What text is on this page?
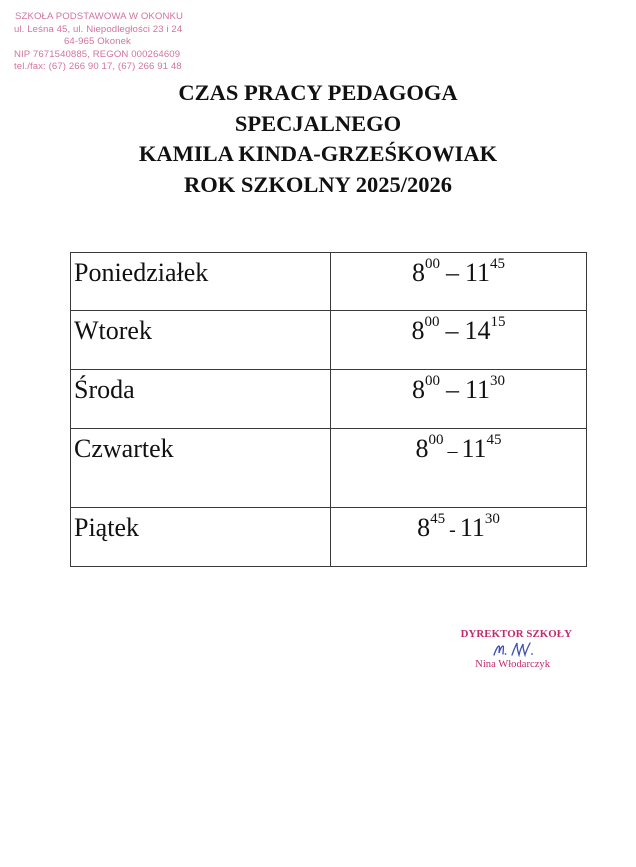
SZKOŁA PODSTAWOWA W OKONKU
ul. Leśna 45, ul. Niepodległości 23 i 24
64-965 Okonek
NIP 7671540885, REGON 000264609
tel./fax: (67) 266 90 17, (67) 266 91 48
CZAS PRACY PEDAGOGA
SPECJALNEGO
KAMILA KINDA-GRZEŚKOWIAK
ROK SZKOLNY 2025/2026
Poniedziałek	$8^{00} - 11^{45}$
Wtorek	$8^{00} - 14^{15}$
Środa	$8^{00} - 11^{30}$
Czwartek	$8^{00} - 11^{45}$
Piątek	$8^{45} - 11^{30}$
DYREKTOR SZKOŁY
Nina Włodarczyk
